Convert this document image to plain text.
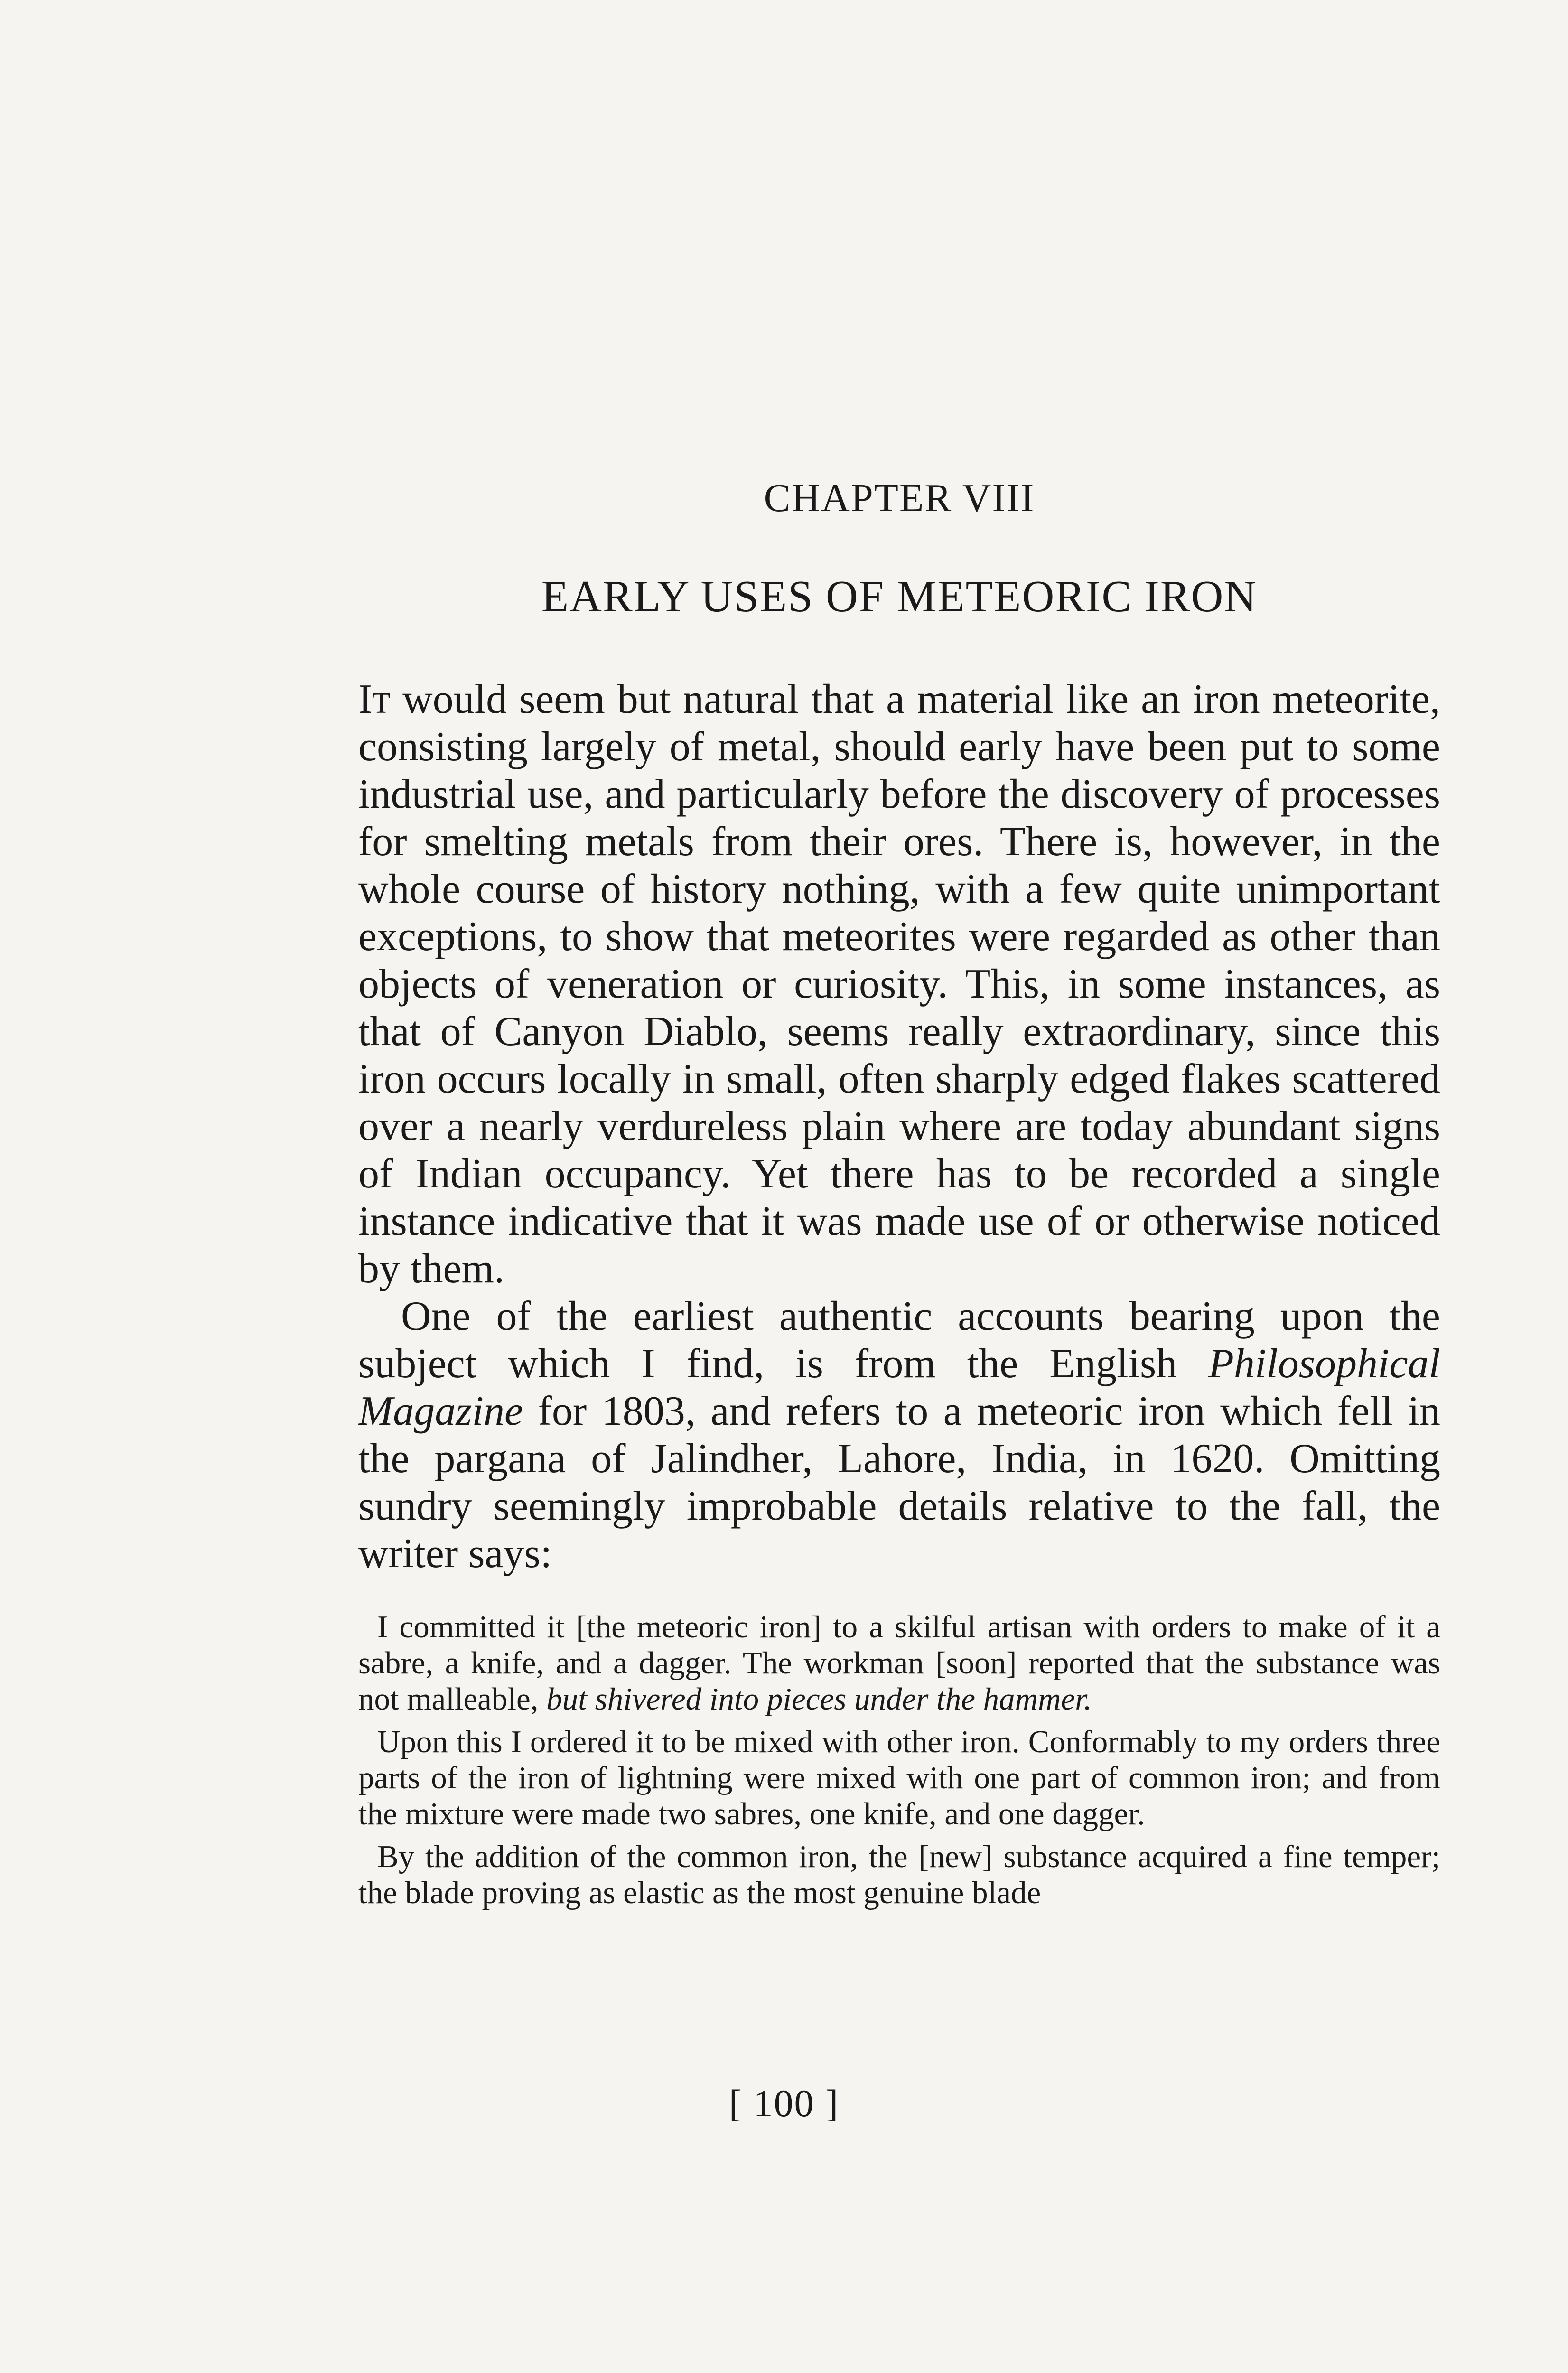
CHAPTER VIII
EARLY USES OF METEORIC IRON

It would seem but natural that a material like an iron meteorite, consisting largely of metal, should early have been put to some industrial use, and particularly before the discovery of processes for smelting metals from their ores. There is, however, in the whole course of history nothing, with a few quite unimportant exceptions, to show that meteorites were regarded as other than objects of veneration or curiosity. This, in some instances, as that of Canyon Diablo, seems really extraordinary, since this iron occurs locally in small, often sharply edged flakes scattered over a nearly verdureless plain where are today abundant signs of Indian occupancy. Yet there has to be recorded a single instance indicative that it was made use of or otherwise noticed by them.

One of the earliest authentic accounts bearing upon the subject which I find, is from the English Philosophical Magazine for 1803, and refers to a meteoric iron which fell in the pargana of Jalindher, Lahore, India, in 1620. Omitting sundry seemingly improbable details relative to the fall, the writer says:

I committed it [the meteoric iron] to a skilful artisan with orders to make of it a sabre, a knife, and a dagger. The workman [soon] reported that the substance was not malleable, but shivered into pieces under the hammer.

Upon this I ordered it to be mixed with other iron. Conformably to my orders three parts of the iron of lightning were mixed with one part of common iron; and from the mixture were made two sabres, one knife, and one dagger.

By the addition of the common iron, the [new] substance acquired a fine temper; the blade proving as elastic as the most genuine blade

[ 100 ]
